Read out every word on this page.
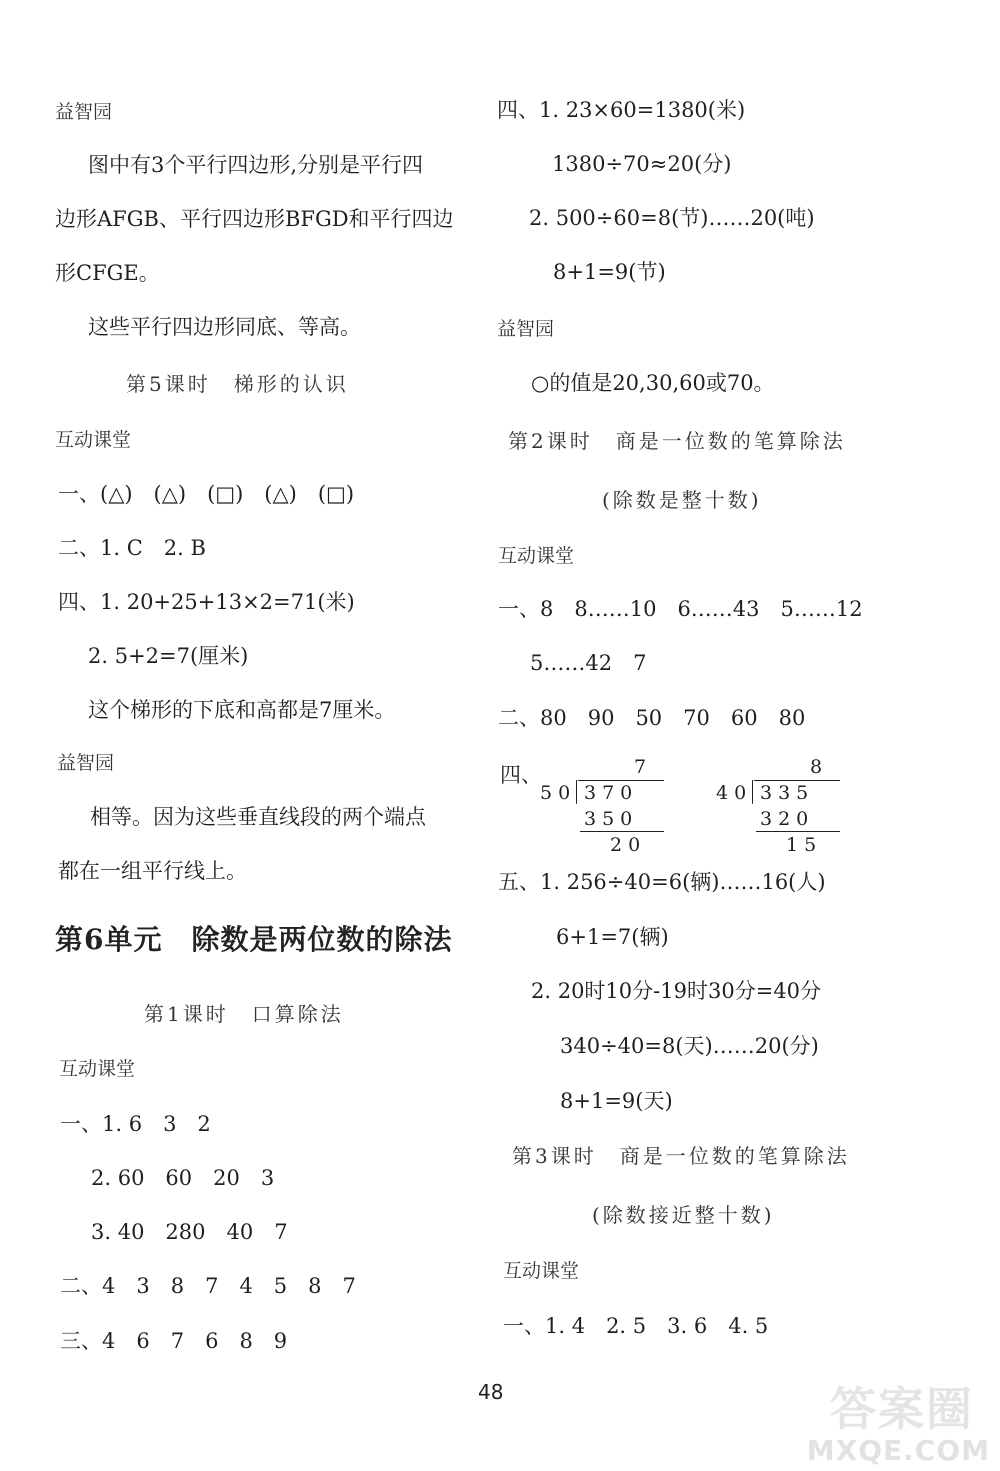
益智园
图中有3个平行四边形,分别是平行四
边形AFGB、平行四边形BFGD和平行四边
形CFGE。
这些平行四边形同底、等高。
第5课时　梯形的认识
互动课堂
一、(△)　(△)　(□)　(△)　(□)
二、1. C　2. B
四、1. 20+25+13×2=71(米)
2. 5+2=7(厘米)
这个梯形的下底和高都是7厘米。
益智园
相等。因为这些垂直线段的两个端点
都在一组平行线上。
第6单元　除数是两位数的除法
第1课时　口算除法
互动课堂
一、1. 6　3　2
2. 60　60　20　3
3. 40　280　40　7
二、4　3　8　7　4　5　8　7
三、4　6　7　6　8　9
四、1. 23×60=1380(米)
1380÷70≈20(分)
2. 500÷60=8(节)……20(吨)
8+1=9(节)
益智园
○的值是20,30,60或70。
第2课时　商是一位数的笔算除法
(除数是整十数)
互动课堂
一、8　8……10　6……43　5……12
5……42　7
二、80　90　50　70　60　80
四、	7
50 370
350
20
8
40 335
320
15
五、1. 256÷40=6(辆)……16(人)
6+1=7(辆)
2. 20时10分-19时30分=40分
340÷40=8(天)……20(分)
8+1=9(天)
第3课时　商是一位数的笔算除法
(除数接近整十数)
互动课堂
一、1. 4　2. 5　3. 6　4. 5
48	答案圈
MXQE.COM
